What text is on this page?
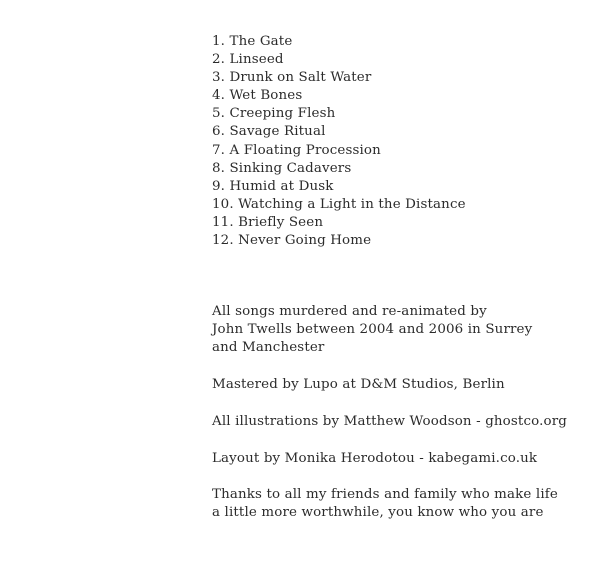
1. The Gate
2. Linseed
3. Drunk on Salt Water
4. Wet Bones
5. Creeping Flesh
6. Savage Ritual
7. A Floating Procession
8. Sinking Cadavers
9. Humid at Dusk
10. Watching a Light in the Distance
11. Briefly Seen
12. Never Going Home

All songs murdered and re-animated by
John Twells between 2004 and 2006 in Surrey
and Manchester

Mastered by Lupo at D&M Studios, Berlin

All illustrations by Matthew Woodson - ghostco.org

Layout by Monika Herodotou - kabegami.co.uk

Thanks to all my friends and family who make life
a little more worthwhile, you know who you are
